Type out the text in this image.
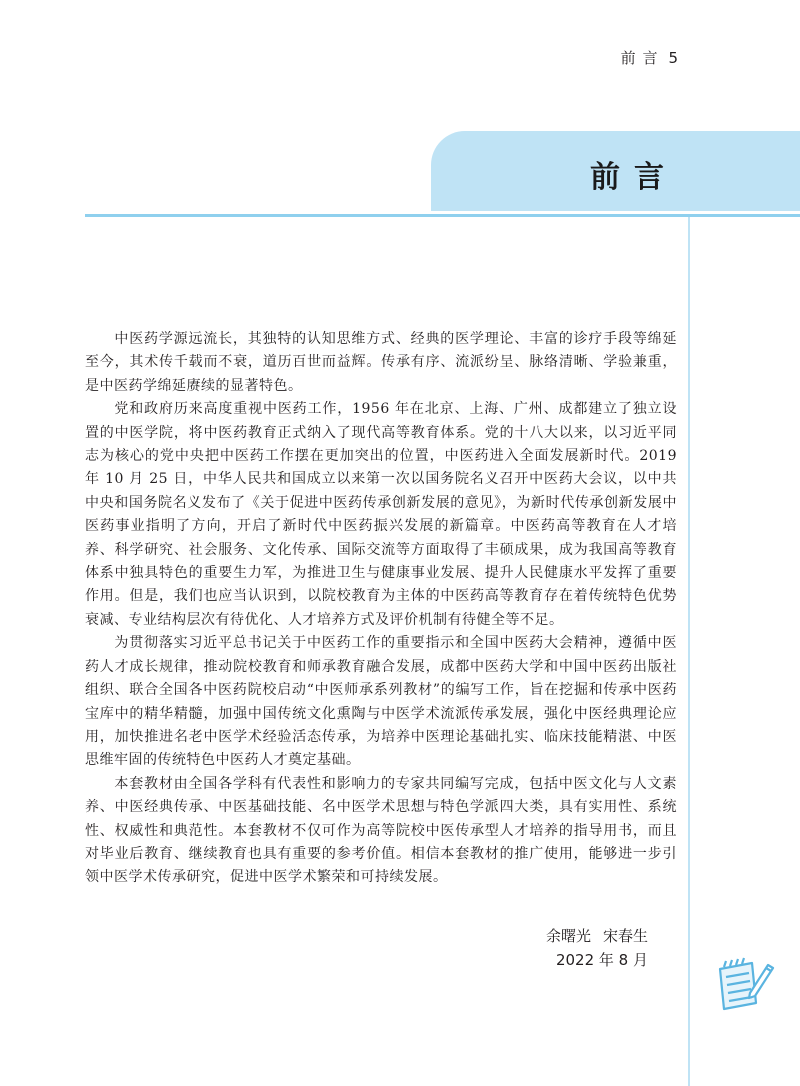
前 言 5
前言

中医药学源远流长，其独特的认知思维方式、经典的医学理论、丰富的诊疗手段等绵延至今，其术传千载而不衰，道历百世而益辉。传承有序、流派纷呈、脉络清晰、学验兼重，是中医药学绵延赓续的显著特色。

党和政府历来高度重视中医药工作，1956 年在北京、上海、广州、成都建立了独立设置的中医学院，将中医药教育正式纳入了现代高等教育体系。党的十八大以来，以习近平同志为核心的党中央把中医药工作摆在更加突出的位置，中医药进入全面发展新时代。2019 年 10 月 25 日，中华人民共和国成立以来第一次以国务院名义召开中医药大会议，以中共中央和国务院名义发布了《关于促进中医药传承创新发展的意见》，为新时代传承创新发展中医药事业指明了方向，开启了新时代中医药振兴发展的新篇章。中医药高等教育在人才培养、科学研究、社会服务、文化传承、国际交流等方面取得了丰硕成果，成为我国高等教育体系中独具特色的重要生力军，为推进卫生与健康事业发展、提升人民健康水平发挥了重要作用。但是，我们也应当认识到，以院校教育为主体的中医药高等教育存在着传统特色优势衰减、专业结构层次有待优化、人才培养方式及评价机制有待健全等不足。

为贯彻落实习近平总书记关于中医药工作的重要指示和全国中医药大会精神，遵循中医药人才成长规律，推动院校教育和师承教育融合发展，成都中医药大学和中国中医药出版社组织、联合全国各中医药院校启动“中医师承系列教材”的编写工作，旨在挖掘和传承中医药宝库中的精华精髓，加强中国传统文化熏陶与中医学术流派传承发展，强化中医经典理论应用，加快推进名老中医学术经验活态传承，为培养中医理论基础扎实、临床技能精湛、中医思维牢固的传统特色中医药人才奠定基础。

本套教材由全国各学科有代表性和影响力的专家共同编写完成，包括中医文化与人文素养、中医经典传承、中医基础技能、名中医学术思想与特色学派四大类，具有实用性、系统性、权威性和典范性。本套教材不仅可作为高等院校中医传承型人才培养的指导用书，而且对毕业后教育、继续教育也具有重要的参考价值。相信本套教材的推广使用，能够进一步引领中医学术传承研究，促进中医学术繁荣和可持续发展。

余曙光 宋春生
2022 年 8 月
